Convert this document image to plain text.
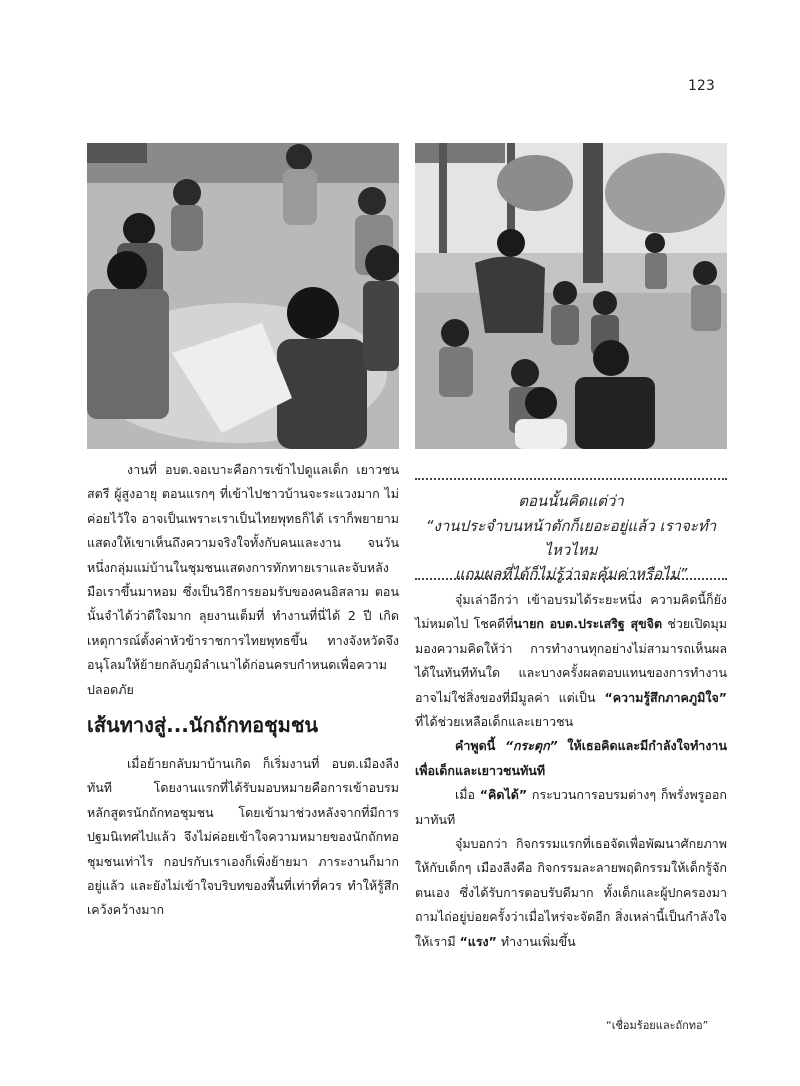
123

งานที่ อบต.จอเบาะคือการเข้าไปดูแลเด็ก เยาวชน สตรี ผู้สูงอายุ ตอนแรกๆ ที่เข้าไปชาวบ้านจะระแวงมาก ไม่ค่อยไว้ใจ อาจเป็นเพราะเราเป็นไทยพุทธก็ได้ เราก็พยายามแสดงให้เขาเห็นถึงความจริงใจทั้งกับคนและงาน จนวันหนึ่งกลุ่มแม่บ้านในชุมชนแสดงการทักทายเราและจับหลังมือเราขึ้นมาหอม ซึ่งเป็นวิธีการยอมรับของคนอิสลาม ตอนนั้นจำได้ว่าดีใจมาก ลุยงานเต็มที่ ทำงานที่นี่ได้ 2 ปี เกิดเหตุการณ์ตั้งค่าหัวข้าราชการไทยพุทธขึ้น ทางจังหวัดจึงอนุโลมให้ย้ายกลับภูมิลำเนาได้ก่อนครบกำหนดเพื่อความปลอดภัย

เส้นทางสู่...นักถักทอชุมชน

เมื่อย้ายกลับมาบ้านเกิด ก็เริ่มงานที่ อบต.เมืองลีงทันที โดยงานแรกที่ได้รับมอบหมายคือการเข้าอบรมหลักสูตรนักถักทอชุมชน โดยเข้ามาช่วงหลังจากที่มีการปฐมนิเทศไปแล้ว จึงไม่ค่อยเข้าใจความหมายของนักถักทอชุมชนเท่าไร กอปรกับเราเองก็เพิ่งย้ายมา ภาระงานก็มากอยู่แล้ว และยังไม่เข้าใจบริบทของพื้นที่เท่าที่ควร ทำให้รู้สึกเคว้งคว้างมาก

ตอนนั้นคิดแต่ว่า
“งานประจำบนหน้าตักก็เยอะอยู่แล้ว เราจะทำไหวไหม
แถมผลที่ได้ก็ไม่รู้ว่าจะคุ้มค่าหรือไม่”

จุ๋มเล่าอีกว่า เข้าอบรมได้ระยะหนึ่ง ความคิดนี้ก็ยังไม่หมดไป โชคดีที่นายก อบต.ประเสริฐ สุขจิต ช่วยเปิดมุมมองความคิดให้ว่า การทำงานทุกอย่างไม่สามารถเห็นผลได้ในทันทีทันใด และบางครั้งผลตอบแทนของการทำงานอาจไม่ใช่สิ่งของที่มีมูลค่า แต่เป็น “ความรู้สึกภาคภูมิใจ” ที่ได้ช่วยเหลือเด็กและเยาวชน

คำพูดนี้ “กระตุก” ให้เธอคิดและมีกำลังใจทำงานเพื่อเด็กและเยาวชนทันที

เมื่อ “คิดได้” กระบวนการอบรมต่างๆ ก็พรั่งพรูออกมาทันที

จุ๋มบอกว่า กิจกรรมแรกที่เธอจัดเพื่อพัฒนาศักยภาพให้กับเด็กๆ เมืองลีงคือ กิจกรรมละลายพฤติกรรมให้เด็กรู้จักตนเอง ซึ่งได้รับการตอบรับดีมาก ทั้งเด็กและผู้ปกครองมาถามไถ่อยู่บ่อยครั้งว่าเมื่อไหร่จะจัดอีก สิ่งเหล่านี้เป็นกำลังใจให้เรามี “แรง” ทำงานเพิ่มขึ้น

“เชื่อมร้อยและถักทอ”
